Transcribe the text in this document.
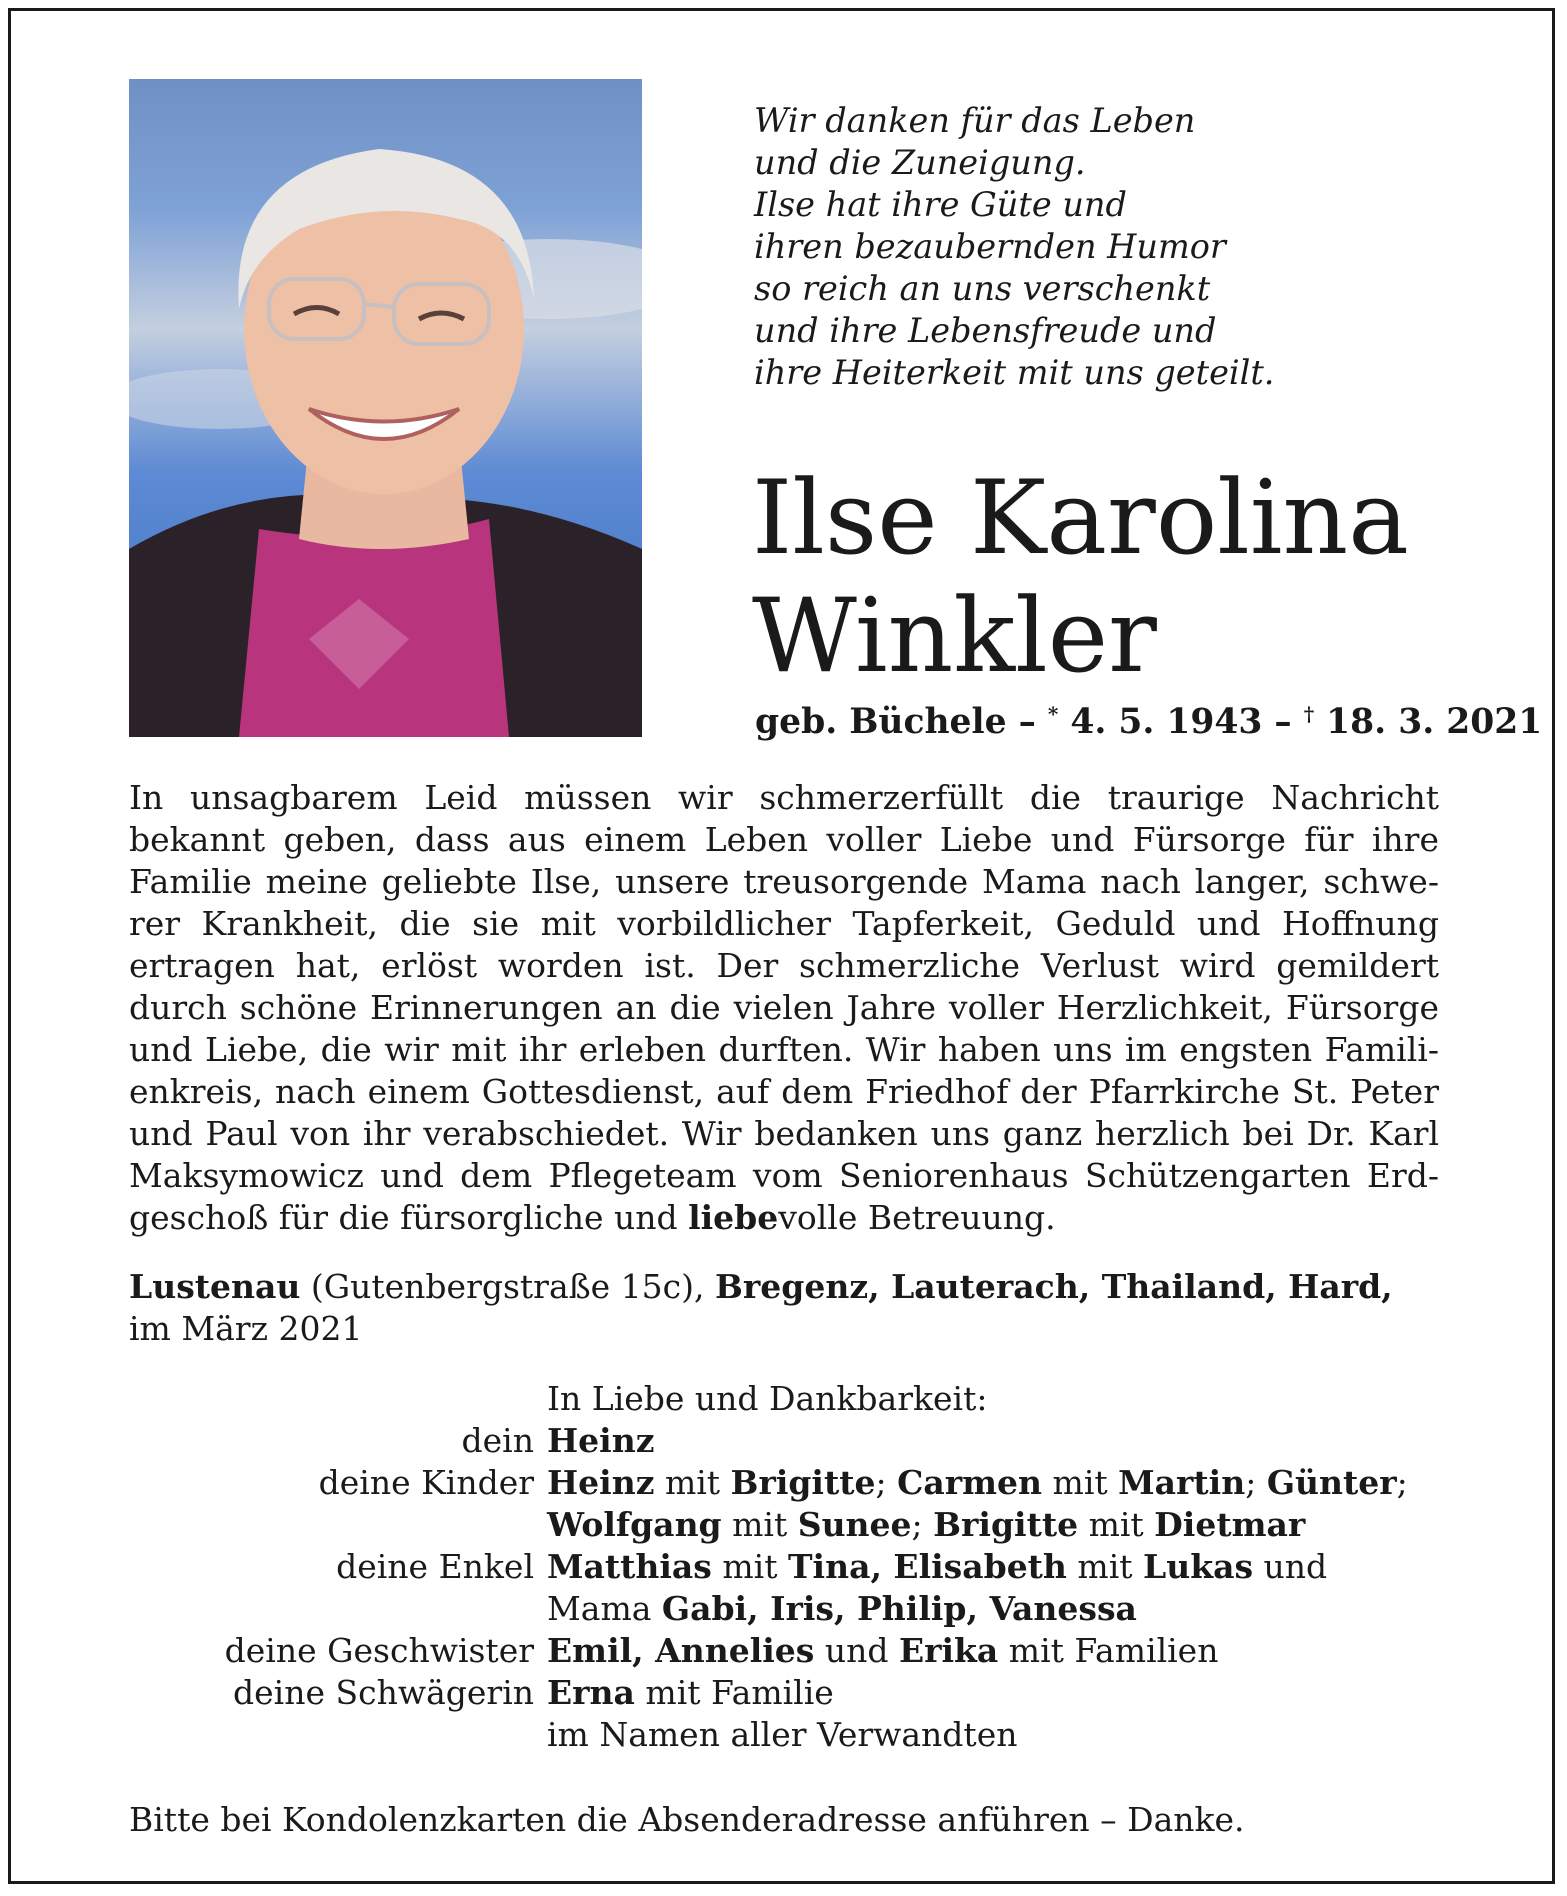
Wir danken für das Leben
und die Zuneigung.
Ilse hat ihre Güte und
ihren bezaubernden Humor
so reich an uns verschenkt
und ihre Lebensfreude und
ihre Heiterkeit mit uns geteilt.
Ilse Karolina
Winkler
geb. Büchele – * 4. 5. 1943 – † 18. 3. 2021
In unsagbarem Leid müssen wir schmerzerfüllt die traurige Nachricht
bekannt geben, dass aus einem Leben voller Liebe und Fürsorge für ihre
Familie meine geliebte Ilse, unsere treusorgende Mama nach langer, schwe-
rer Krankheit, die sie mit vorbildlicher Tapferkeit, Geduld und Hoffnung
ertragen hat, erlöst worden ist. Der schmerzliche Verlust wird gemildert
durch schöne Erinnerungen an die vielen Jahre voller Herzlichkeit, Fürsorge
und Liebe, die wir mit ihr erleben durften. Wir haben uns im engsten Famili-
enkreis, nach einem Gottesdienst, auf dem Friedhof der Pfarrkirche St. Peter
und Paul von ihr verabschiedet. Wir bedanken uns ganz herzlich bei Dr. Karl
Maksymowicz und dem Pflegeteam vom Seniorenhaus Schützengarten Erd-
geschoß für die fürsorgliche und liebevolle Betreuung.
Lustenau (Gutenbergstraße 15c), Bregenz, Lauterach, Thailand, Hard,
im März 2021
In Liebe und Dankbarkeit:
dein Heinz
deine Kinder Heinz mit Brigitte; Carmen mit Martin; Günter;
Wolfgang mit Sunee; Brigitte mit Dietmar
deine Enkel Matthias mit Tina, Elisabeth mit Lukas und
Mama Gabi, Iris, Philip, Vanessa
deine Geschwister Emil, Annelies und Erika mit Familien
deine Schwägerin Erna mit Familie
im Namen aller Verwandten
Bitte bei Kondolenzkarten die Absenderadresse anführen – Danke.
